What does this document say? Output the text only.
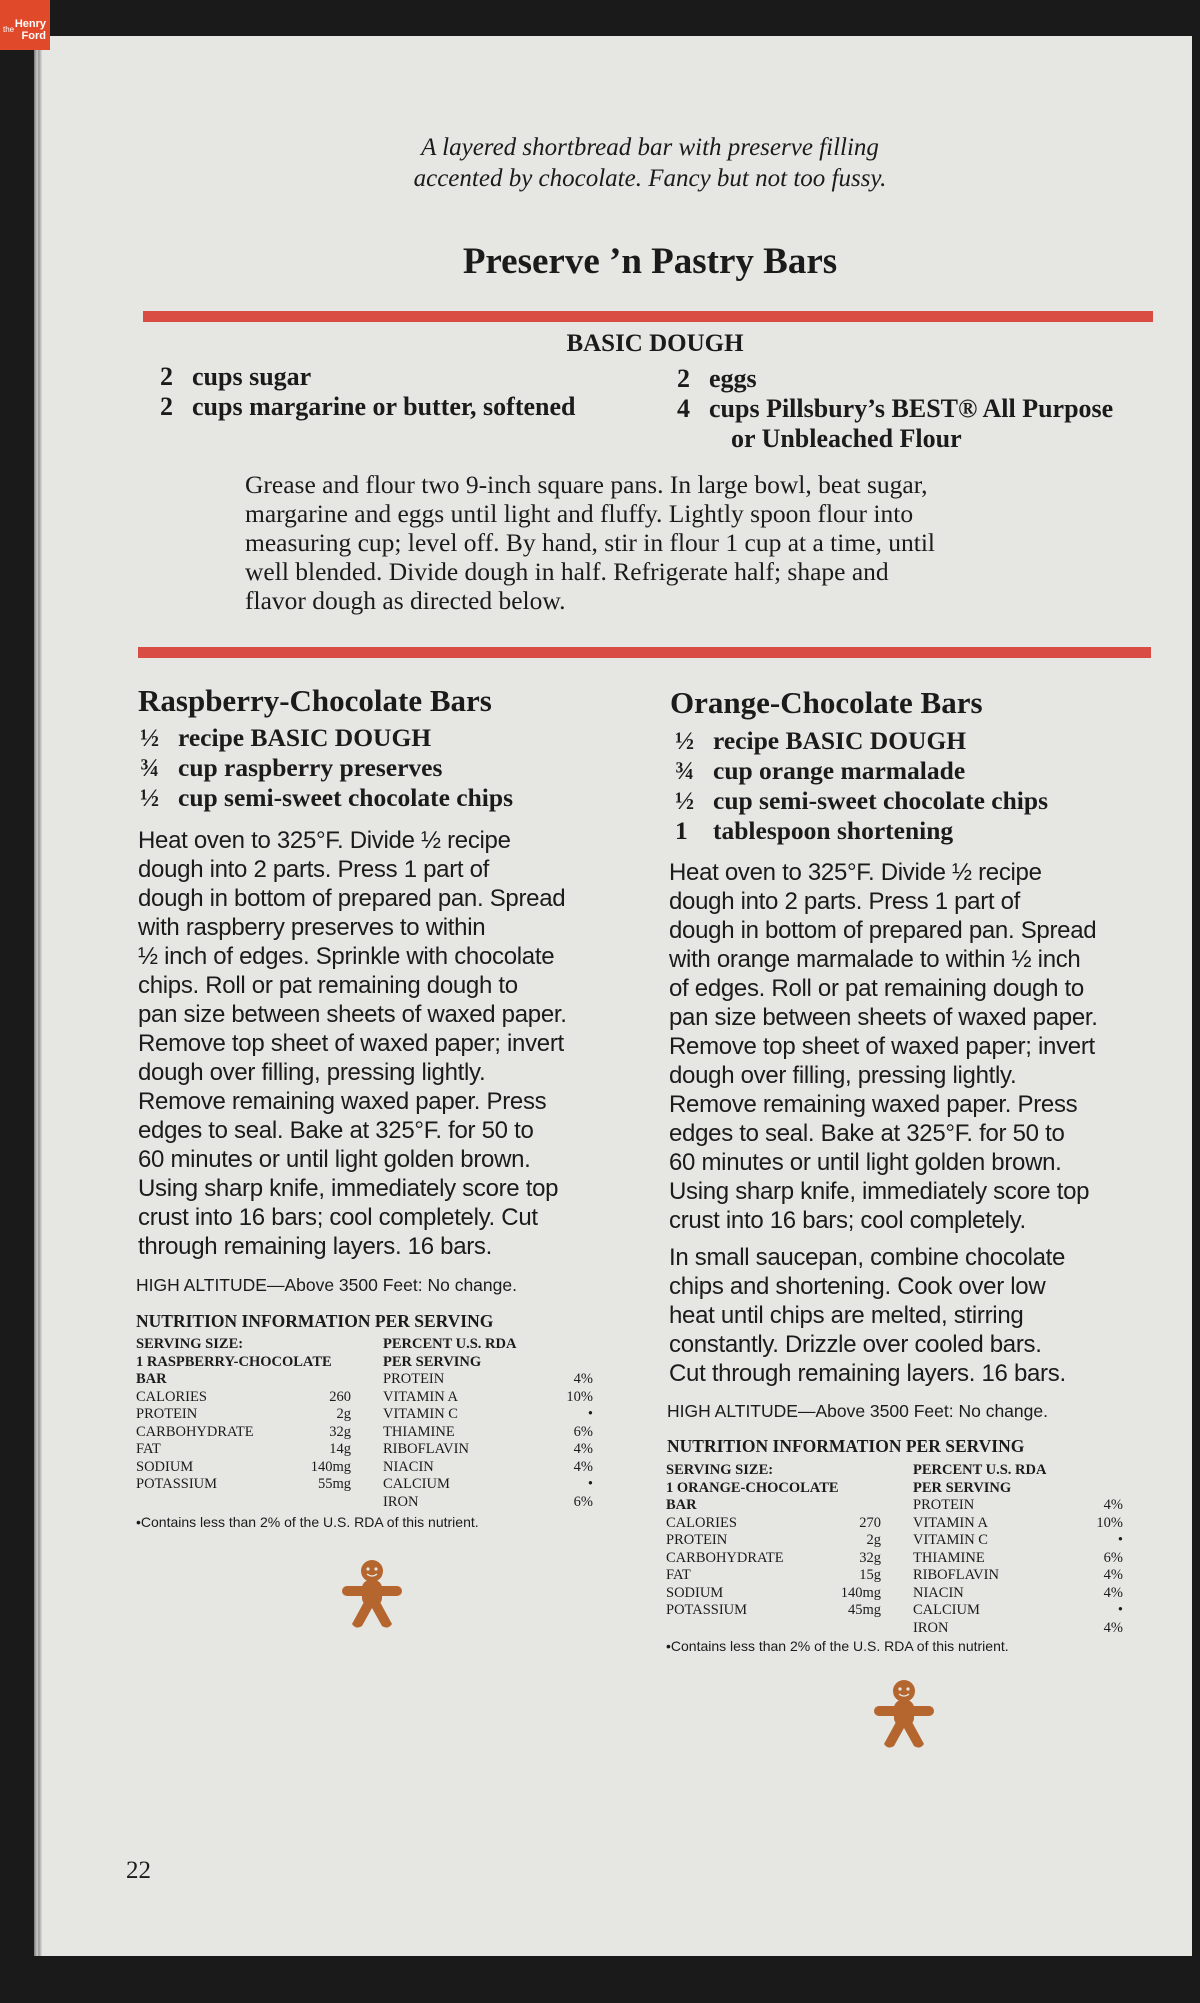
the Henry
Ford
A layered shortbread bar with preserve filling
accented by chocolate. Fancy but not too fussy.
Preserve ’n Pastry Bars
BASIC DOUGH
2 cups sugar
2 cups margarine or butter, softened
2 eggs
4 cups Pillsbury’s BEST® All Purpose
or Unbleached Flour
Grease and flour two 9-inch square pans. In large bowl, beat sugar,
margarine and eggs until light and fluffy. Lightly spoon flour into
measuring cup; level off. By hand, stir in flour 1 cup at a time, until
well blended. Divide dough in half. Refrigerate half; shape and
flavor dough as directed below.
Raspberry-Chocolate Bars
½ recipe BASIC DOUGH
¾ cup raspberry preserves
½ cup semi-sweet chocolate chips
Heat oven to 325°F. Divide ½ recipe
dough into 2 parts. Press 1 part of
dough in bottom of prepared pan. Spread
with raspberry preserves to within
½ inch of edges. Sprinkle with chocolate
chips. Roll or pat remaining dough to
pan size between sheets of waxed paper.
Remove top sheet of waxed paper; invert
dough over filling, pressing lightly.
Remove remaining waxed paper. Press
edges to seal. Bake at 325°F. for 50 to
60 minutes or until light golden brown.
Using sharp knife, immediately score top
crust into 16 bars; cool completely. Cut
through remaining layers. 16 bars.
HIGH ALTITUDE—Above 3500 Feet: No change.
NUTRITION INFORMATION PER SERVING
SERVING SIZE:
1 RASPBERRY-CHOCOLATE
BAR
CALORIES	260
PROTEIN	2g
CARBOHYDRATE	32g
FAT	14g
SODIUM	140mg
POTASSIUM	55mg
PERCENT U.S. RDA
PER SERVING
PROTEIN	4%
VITAMIN A	10%
VITAMIN C	•
THIAMINE	6%
RIBOFLAVIN	4%
NIACIN	4%
CALCIUM	•
IRON	6%
•Contains less than 2% of the U.S. RDA of this nutrient.
Orange-Chocolate Bars
½ recipe BASIC DOUGH
¾ cup orange marmalade
½ cup semi-sweet chocolate chips
1 tablespoon shortening
Heat oven to 325°F. Divide ½ recipe
dough into 2 parts. Press 1 part of
dough in bottom of prepared pan. Spread
with orange marmalade to within ½ inch
of edges. Roll or pat remaining dough to
pan size between sheets of waxed paper.
Remove top sheet of waxed paper; invert
dough over filling, pressing lightly.
Remove remaining waxed paper. Press
edges to seal. Bake at 325°F. for 50 to
60 minutes or until light golden brown.
Using sharp knife, immediately score top
crust into 16 bars; cool completely.
In small saucepan, combine chocolate
chips and shortening. Cook over low
heat until chips are melted, stirring
constantly. Drizzle over cooled bars.
Cut through remaining layers. 16 bars.
HIGH ALTITUDE—Above 3500 Feet: No change.
NUTRITION INFORMATION PER SERVING
SERVING SIZE:
1 ORANGE-CHOCOLATE
BAR
CALORIES	270
PROTEIN	2g
CARBOHYDRATE	32g
FAT	15g
SODIUM	140mg
POTASSIUM	45mg
PERCENT U.S. RDA
PER SERVING
PROTEIN	4%
VITAMIN A	10%
VITAMIN C	•
THIAMINE	6%
RIBOFLAVIN	4%
NIACIN	4%
CALCIUM	•
IRON	4%
•Contains less than 2% of the U.S. RDA of this nutrient.
22
